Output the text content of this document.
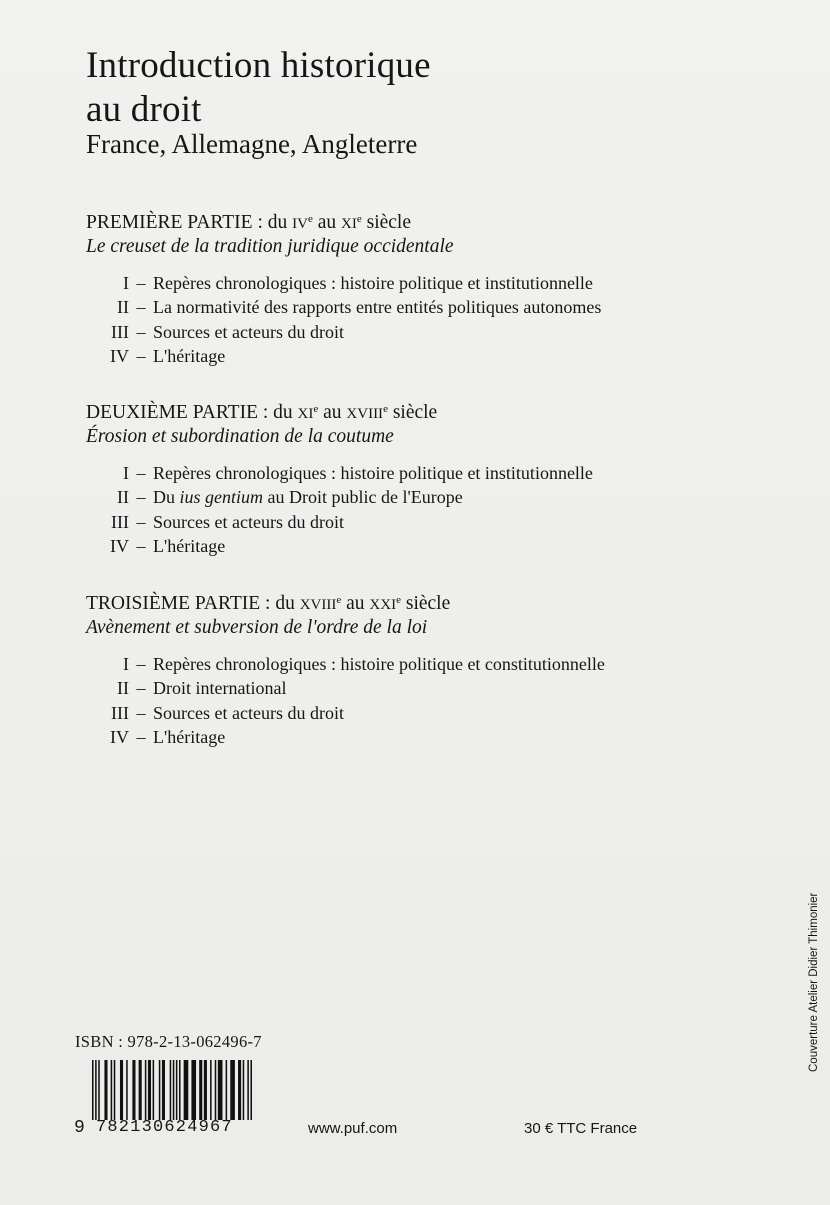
Introduction historique
au droit
France, Allemagne, Angleterre
PREMIÈRE PARTIE : du IVe au XIe siècle
Le creuset de la tradition juridique occidentale
I – Repères chronologiques : histoire politique et institutionnelle
II – La normativité des rapports entre entités politiques autonomes
III – Sources et acteurs du droit
IV – L'héritage
DEUXIÈME PARTIE : du XIe au XVIIIe siècle
Érosion et subordination de la coutume
I – Repères chronologiques : histoire politique et institutionnelle
II – Du ius gentium au Droit public de l'Europe
III – Sources et acteurs du droit
IV – L'héritage
TROISIÈME PARTIE : du XVIIIe au XXIe siècle
Avènement et subversion de l'ordre de la loi
I – Repères chronologiques : histoire politique et constitutionnelle
II – Droit international
III – Sources et acteurs du droit
IV – L'héritage
ISBN : 978-2-13-062496-7
9 782130624967	www.puf.com	30 € TTC France
Couverture Atelier Didier Thimonier
